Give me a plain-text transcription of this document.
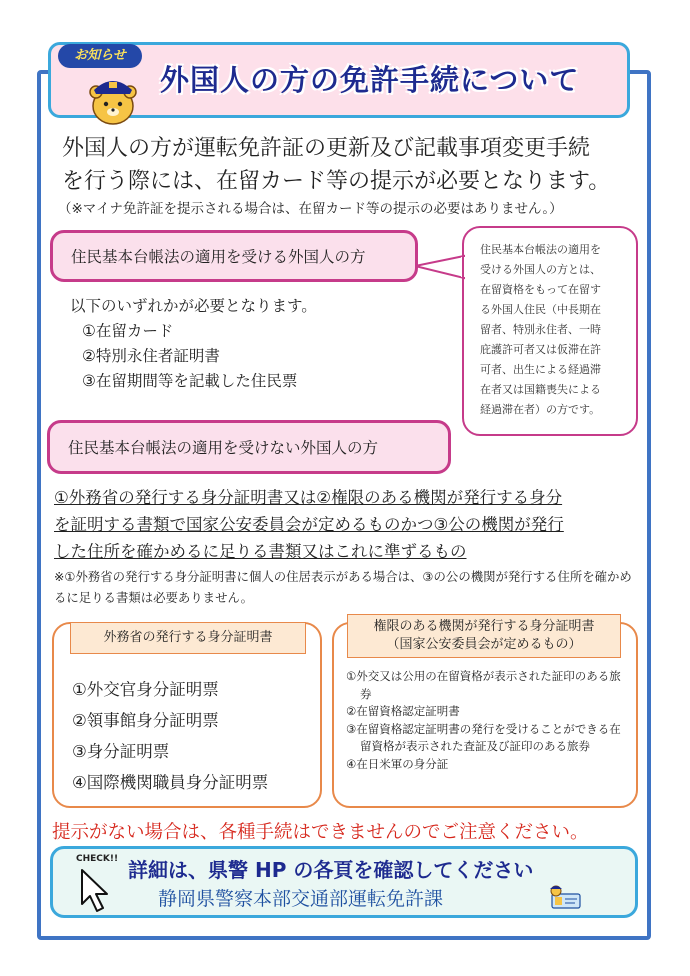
お知らせ
外国人の方の免許手続について
外国人の方が運転免許証の更新及び記載事項変更手続
を行う際には、在留カード等の提示が必要となります。
（※マイナ免許証を提示される場合は、在留カード等の提示の必要はありません。）
住民基本台帳法の適用を受ける外国人の方	住民基本台帳法の適用を
受ける外国人の方とは、
在留資格をもって在留す
る外国人住民（中長期在
留者、特別永住者、一時
庇護許可者又は仮滞在許
可者、出生による経過滞
在者又は国籍喪失による
経過滞在者）の方です。
以下のいずれかが必要となります。
①在留カード
②特別永住者証明書
③在留期間等を記載した住民票
住民基本台帳法の適用を受けない外国人の方
①外務省の発行する身分証明書又は②権限のある機関が発行する身分
を証明する書類で国家公安委員会が定めるものかつ③公の機関が発行
した住所を確かめるに足りる書類又はこれに準ずるもの
※①外務省の発行する身分証明書に個人の住居表示がある場合は、③の公の機関が発行する住所を確かめるに足りる書類は必要ありません。
外務省の発行する身分証明書
①外交官身分証明票
②領事館身分証明票
③身分証明票
④国際機関職員身分証明票
権限のある機関が発行する身分証明書
（国家公安委員会が定めるもの）
①外交又は公用の在留資格が表示された証印のある旅券
②在留資格認定証明書
③在留資格認定証明書の発行を受けることができる在留資格が表示された査証及び証印のある旅券
④在日米軍の身分証
提示がない場合は、各種手続はできませんのでご注意ください。
CHECK!! 詳細は、県警 HP の各頁を確認してください
静岡県警察本部交通部運転免許課
